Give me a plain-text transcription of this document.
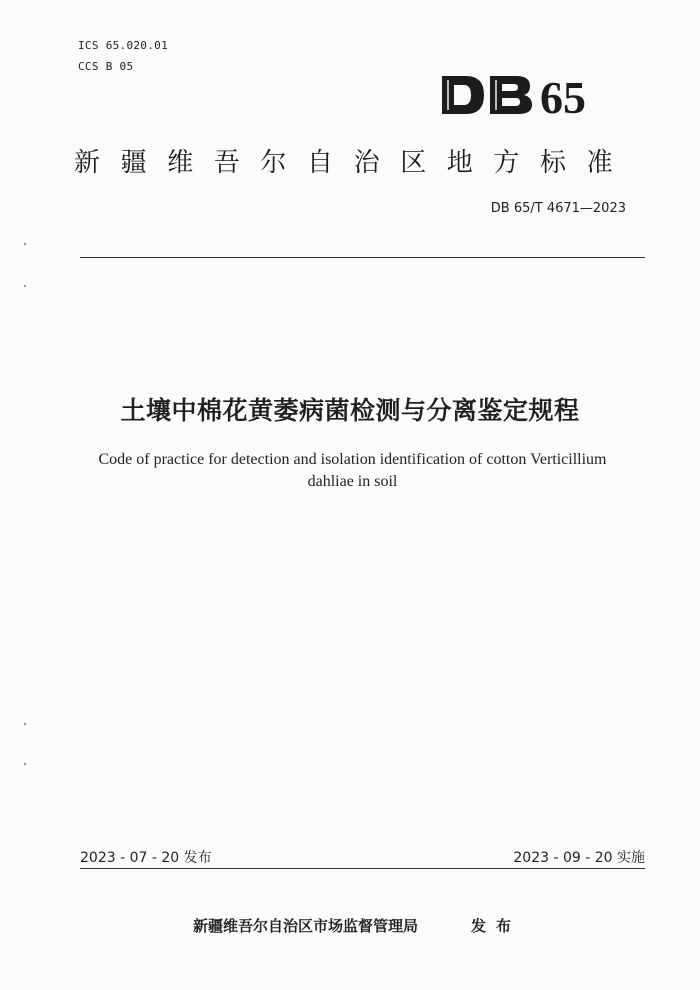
ICS 65.020.01
CCS B 05
65
新疆维吾尔自治区地方标准
DB 65/T 4671—2023
土壤中棉花黄萎病菌检测与分离鉴定规程
Code of practice for detection and isolation identification of cotton Verticillium dahliae in soil
2023 - 07 - 20 发布	2023 - 09 - 20 实施
新疆维吾尔自治区市场监督管理局	发布
